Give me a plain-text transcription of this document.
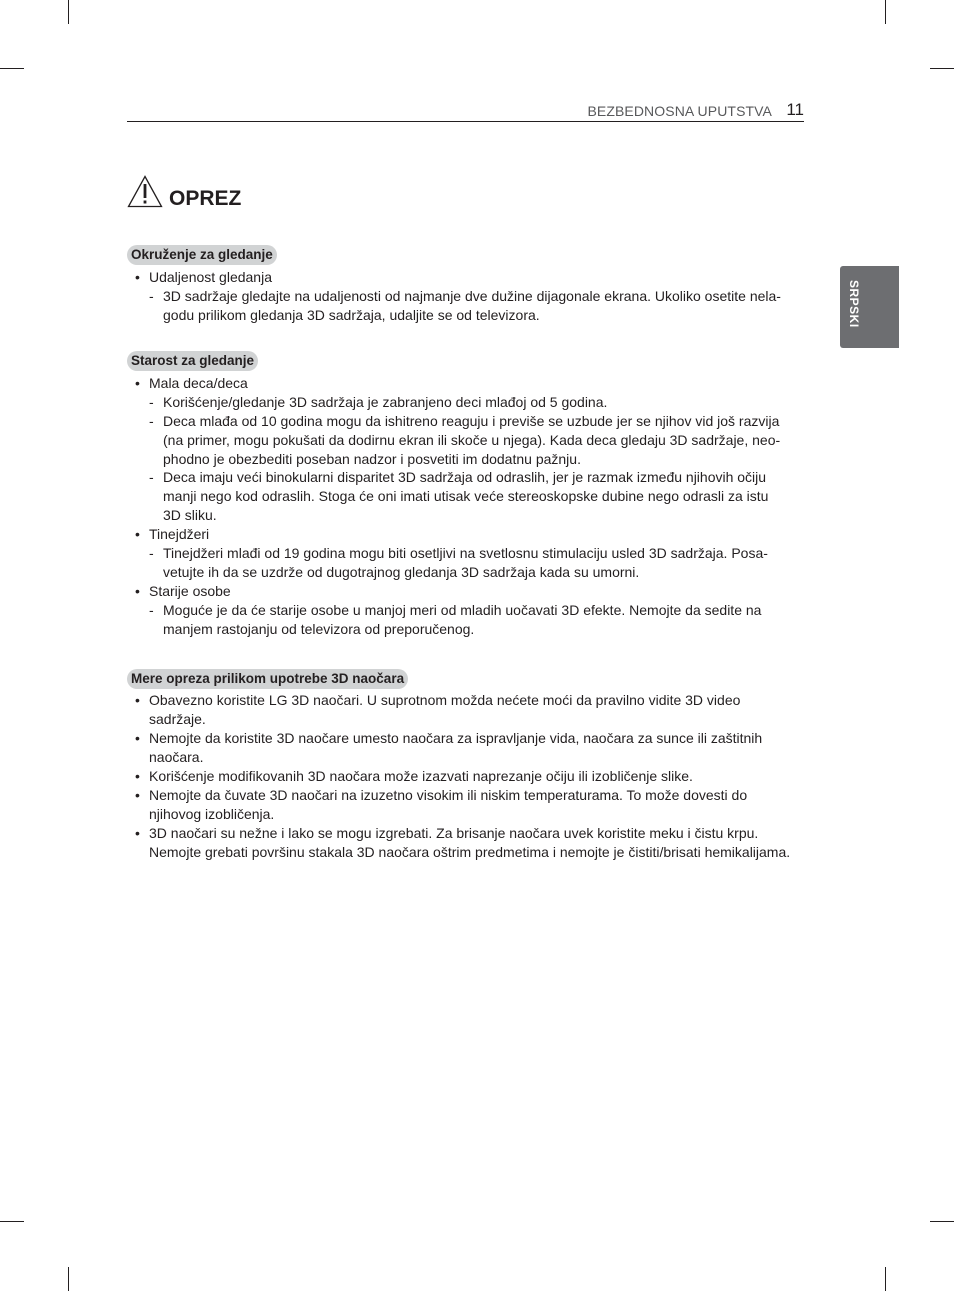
BEZBEDNOSNA UPUTSTVA 11
SRPSKI
OPREZ
Okruženje za gledanje
Starost za gledanje
Mere opreza prilikom upotrebe 3D naočara
• Udaljenost gledanja
- 3D sadržaje gledajte na udaljenosti od najmanje dve dužine dijagonale ekrana. Ukoliko osetite nela-
godu prilikom gledanja 3D sadržaja, udaljite se od televizora.
• Mala deca/deca
- Korišćenje/gledanje 3D sadržaja je zabranjeno deci mlađoj od 5 godina.
- Deca mlađa od 10 godina mogu da ishitreno reaguju i previše se uzbude jer se njihov vid još razvija
(na primer, mogu pokušati da dodirnu ekran ili skoče u njega). Kada deca gledaju 3D sadržaje, neo-
phodno je obezbediti poseban nadzor i posvetiti im dodatnu pažnju.
- Deca imaju veći binokularni disparitet 3D sadržaja od odraslih, jer je razmak između njihovih očiju
manji nego kod odraslih. Stoga će oni imati utisak veće stereoskopske dubine nego odrasli za istu
3D sliku.
• Tinejdžeri
- Tinejdžeri mlađi od 19 godina mogu biti osetljivi na svetlosnu stimulaciju usled 3D sadržaja. Posa-
vetujte ih da se uzdrže od dugotrajnog gledanja 3D sadržaja kada su umorni.
• Starije osobe
- Moguće je da će starije osobe u manjoj meri od mladih uočavati 3D efekte. Nemojte da sedite na
manjem rastojanju od televizora od preporučenog.
• Obavezno koristite LG 3D naočari. U suprotnom možda nećete moći da pravilno vidite 3D video
sadržaje.
• Nemojte da koristite 3D naočare umesto naočara za ispravljanje vida, naočara za sunce ili zaštitnih
naočara.
• Korišćenje modifikovanih 3D naočara može izazvati naprezanje očiju ili izobličenje slike.
• Nemojte da čuvate 3D naočari na izuzetno visokim ili niskim temperaturama. To može dovesti do
njihovog izobličenja.
• 3D naočari su nežne i lako se mogu izgrebati. Za brisanje naočara uvek koristite meku i čistu krpu.
Nemojte grebati površinu stakala 3D naočara oštrim predmetima i nemojte je čistiti/brisati hemikalijama.
